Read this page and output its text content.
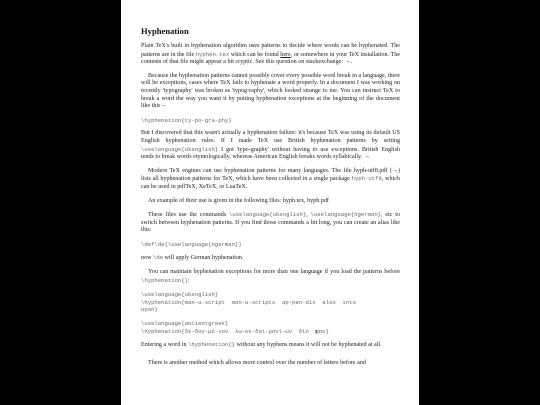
Hyphenation

Plain TeX's built in hyphenation algorithm uses patterns to decide where words can be hyphenated. The patterns are in the file hyphen.tex which can be found here, or somewhere in your TeX installation. The contents of that file might appear a bit cryptic. See this question on stackexchange: →.

Because the hyphenation patterns cannot possibly cover every possible word break in a language, there will be exceptions, cases where TeX fails to hyphenate a word properly. In a document I was working on recently 'typography' was broken as 'typog-raphy', which looked strange to me. You can instruct TeX to break a word the way you want it by putting hyphenation exceptions at the beginning of the document like this –

\hyphenation{ty-po-gra-phy}

But I discovered that this wasn't actually a hyphenation failure: it's because TeX was using its default US English hyphenation rules. If I made TeX use British hyphenation patterns by setting \uselanguage{ukenglish} I got 'typo-graphy' without having to use exceptions. British English tends to break words etymologically, whereas American English breaks words syllabically. →

Modern TeX engines can use hyphenation patterns for many languages. The file hyph-utf8.pdf (→) lists all hyphenation patterns for TeX, which have been collected in a single package hyph-utf8, which can be used in pdfTeX, XeTeX, or LuaTeX.

An example of their use is given in the following files: hyph.tex, hyph.pdf

These files use the commands \uselanguage{ukenglish}, \uselanguage{ngerman}, etc to switch between hyphenation patterns. If you find those commands a bit long, you can create an alias like this:

\def\de{\uselanguage{ngerman}}

now \de will apply German hyphenation.

You can maintain hyphenation exceptions for more than one language if you load the patterns before \hyphenation{}:

\uselanguage{ukenglish}
\hyphenation{man-u-script  man-u-scripts  ap-pen-dix  also  into
upon}
\uselanguage{ancientgreek}
\hyphenation{δε-δογ-μέ-νον  λω-κε-δαι-μονί-ων  δίο  ◧πο}

Entering a word in \hyphenation{} without any hyphens means it will not be hyphenated at all.

There is another method which allows more control over the number of letters before and
